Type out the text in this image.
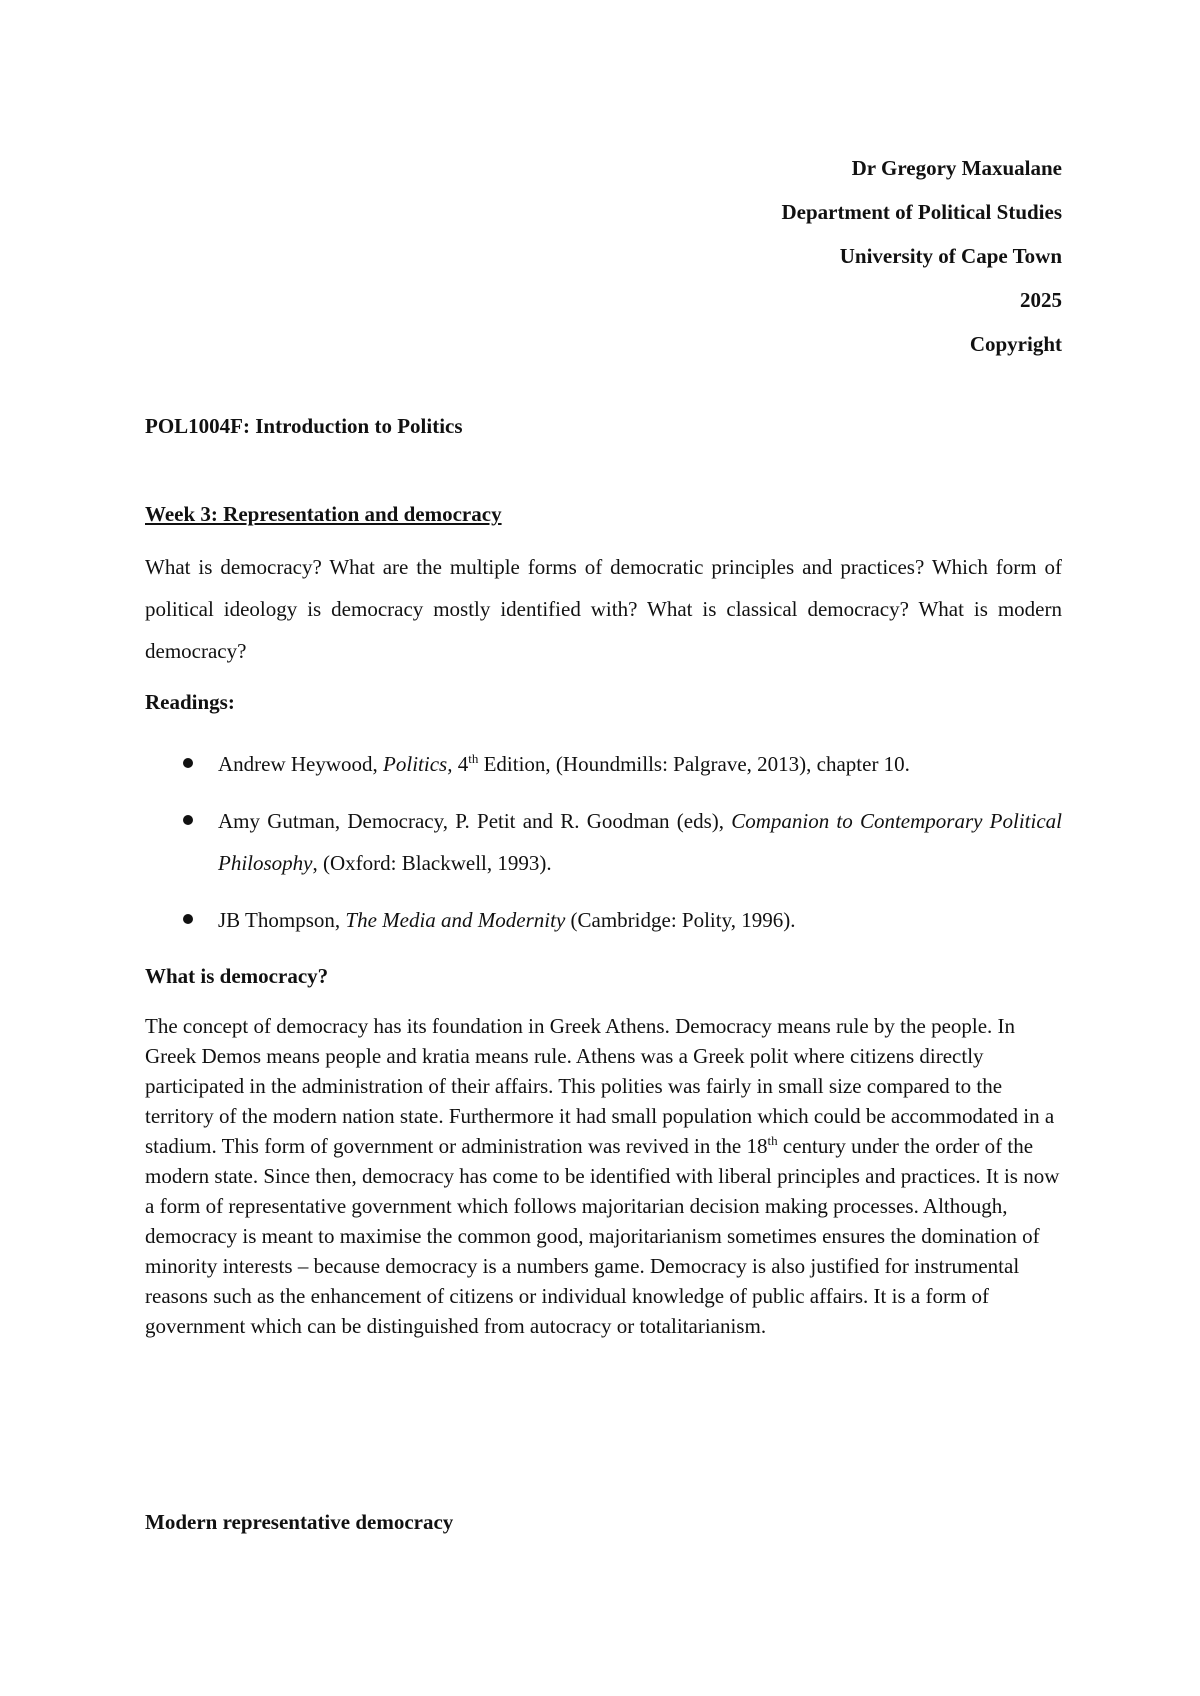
Dr Gregory Maxualane
Department of Political Studies
University of Cape Town
2025
Copyright
POL1004F: Introduction to Politics
Week 3: Representation and democracy
What is democracy? What are the multiple forms of democratic principles and practices? Which form of political ideology is democracy mostly identified with? What is classical democracy? What is modern democracy?
Readings:
Andrew Heywood, Politics, 4th Edition, (Houndmills: Palgrave, 2013), chapter 10.
Amy Gutman, Democracy, P. Petit and R. Goodman (eds), Companion to Contemporary Political Philosophy, (Oxford: Blackwell, 1993).
JB Thompson, The Media and Modernity (Cambridge: Polity, 1996).
What is democracy?
The concept of democracy has its foundation in Greek Athens. Democracy means rule by the people. In Greek Demos means people and kratia means rule. Athens was a Greek polit where citizens directly participated in the administration of their affairs. This polities was fairly in small size compared to the territory of the modern nation state. Furthermore it had small population which could be accommodated in a stadium. This form of government or administration was revived in the 18th century under the order of the modern state. Since then, democracy has come to be identified with liberal principles and practices. It is now a form of representative government which follows majoritarian decision making processes. Although, democracy is meant to maximise the common good, majoritarianism sometimes ensures the domination of minority interests – because democracy is a numbers game. Democracy is also justified for instrumental reasons such as the enhancement of citizens or individual knowledge of public affairs. It is a form of government which can be distinguished from autocracy or totalitarianism.
Modern representative democracy
